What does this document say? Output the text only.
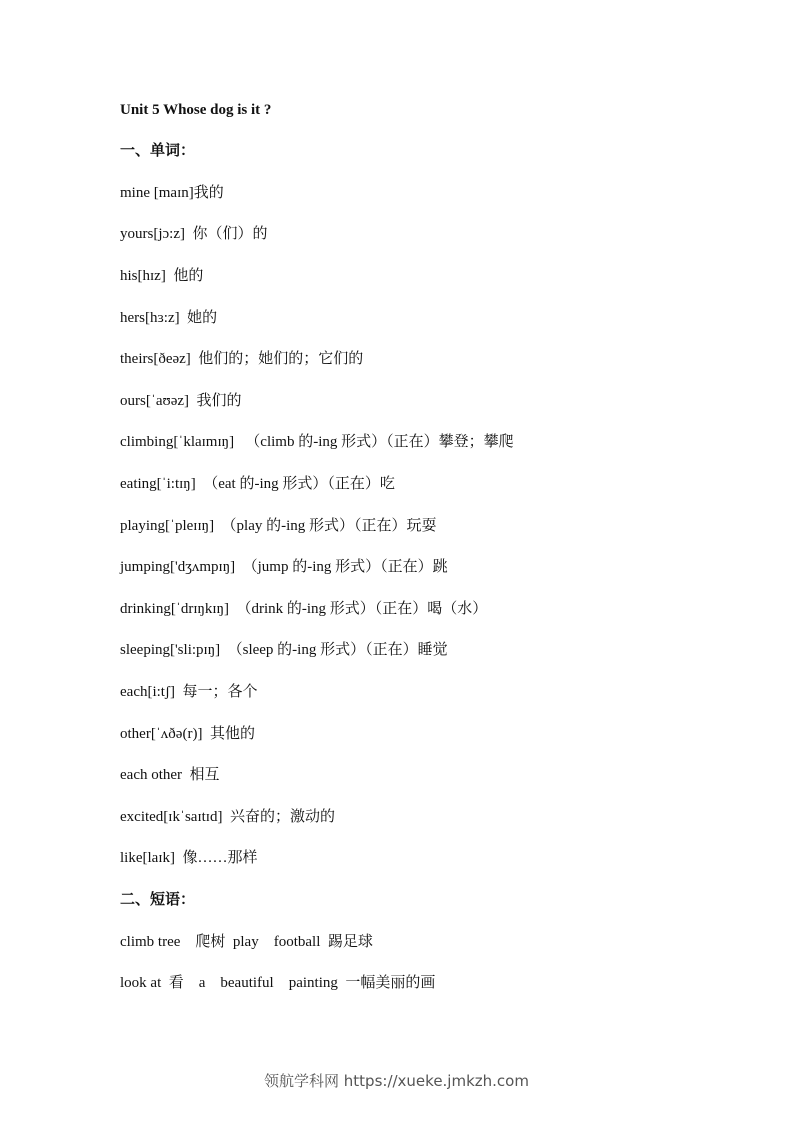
Unit 5 Whose dog is it ?
一、单词：
mine [maɪn]我的
yours[jɔ:z]  你（们）的
his[hɪz]  他的
hers[hɜ:z]  她的
theirs[ðeəz]  他们的；她们的；它们的
ours[ˈaʊəz]  我们的
climbing[ˈklaɪmɪŋ]   （climb 的-ing 形式）（正在）攀登；攀爬
eating[ˈi:tɪŋ]  （eat 的-ing 形式）（正在）吃
playing[ˈpleɪɪŋ]  （play 的-ing 形式）（正在）玩耍
jumping['dʒʌmpɪŋ]  （jump 的-ing 形式）（正在）跳
drinking[ˈdrɪŋkɪŋ]  （drink 的-ing 形式）（正在）喝（水）
sleeping['sli:pɪŋ]  （sleep 的-ing 形式）（正在）睡觉
each[i:tʃ]  每一；各个
other[ˈʌðə(r)]  其他的
each other  相互
excited[ɪkˈsaɪtɪd]  兴奋的；激动的
like[laɪk]  像……那样
二、短语：
climb tree    爬树  play    football  踢足球
look at  看    a    beautiful    painting  一幅美丽的画
领航学科网 https://xueke.jmkzh.com
